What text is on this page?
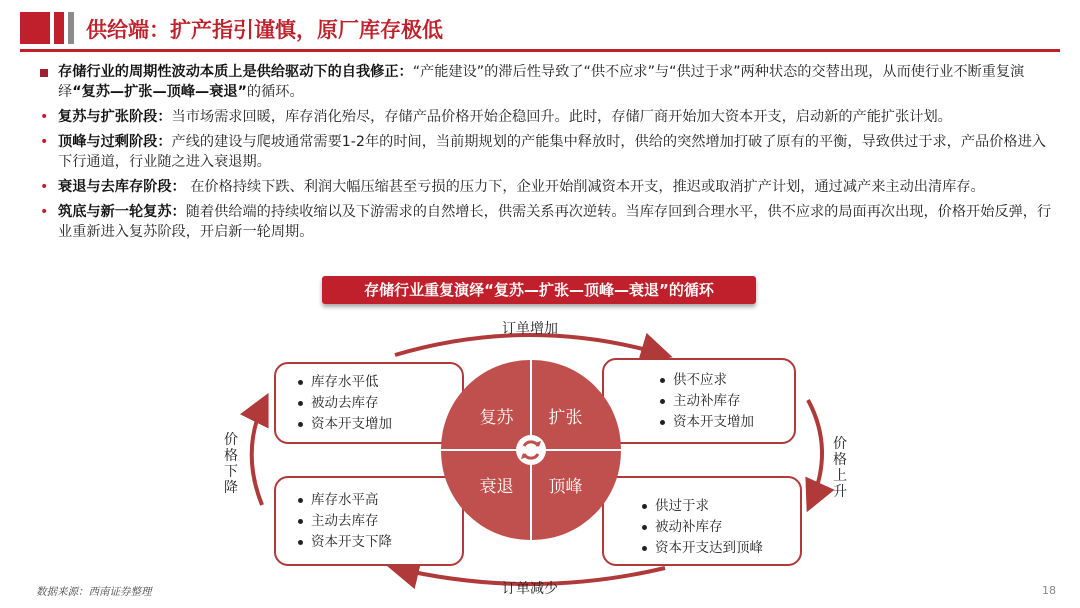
供给端：扩产指引谨慎，原厂库存极低
存储行业的周期性波动本质上是供给驱动下的自我修正：“产能建设”的滞后性导致了“供不应求”与“供过于求”两种状态的交替出现，从而使行业不断重复演绎“复苏—扩张—顶峰—衰退”的循环。
• 复苏与扩张阶段：当市场需求回暖，库存消化殆尽，存储产品价格开始企稳回升。此时，存储厂商开始加大资本开支，启动新的产能扩张计划。
• 顶峰与过剩阶段：产线的建设与爬坡通常需要1-2年的时间，当前期规划的产能集中释放时，供给的突然增加打破了原有的平衡，导致供过于求，产品价格进入下行通道，行业随之进入衰退期。
• 衰退与去库存阶段： 在价格持续下跌、利润大幅压缩甚至亏损的压力下，企业开始削减资本开支，推迟或取消扩产计划，通过减产来主动出清库存。
• 筑底与新一轮复苏：随着供给端的持续收缩以及下游需求的自然增长，供需关系再次逆转。当库存回到合理水平，供不应求的局面再次出现，价格开始反弹，行业重新进入复苏阶段，开启新一轮周期。
存储行业重复演绎“复苏—扩张—顶峰—衰退”的循环
库存水平低
被动去库存
资本开支增加
供不应求
主动补库存
资本开支增加
库存水平高
主动去库存
资本开支下降
供过于求
被动补库存
资本开支达到顶峰
复苏 扩张
衰退 顶峰
订单增加
订单减少
价格下降
价格上升
数据来源：西南证券整理	18
